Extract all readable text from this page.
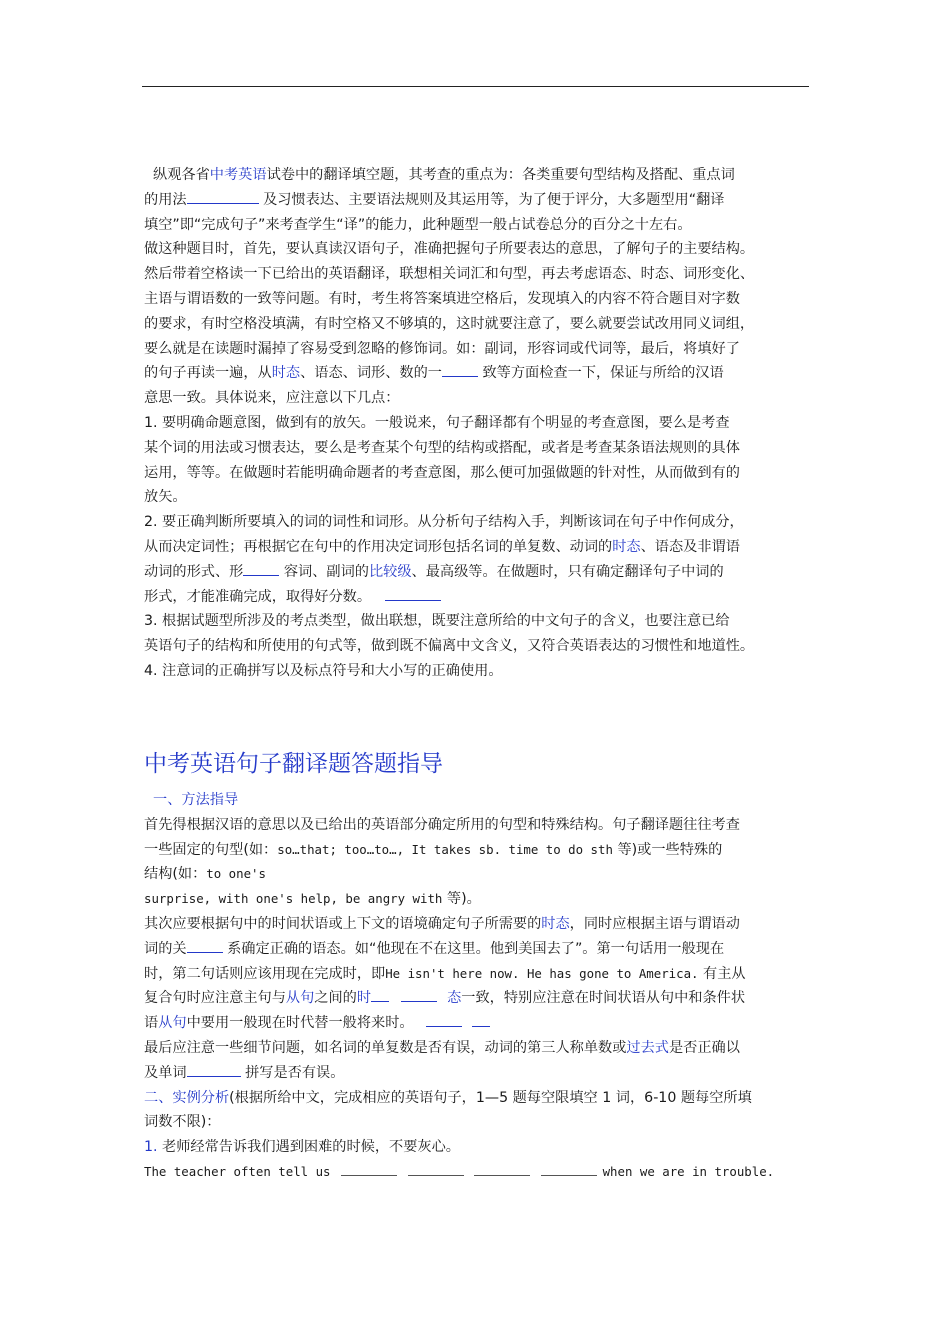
纵观各省中考英语试卷中的翻译填空题，其考查的重点为：各类重要句型结构及搭配、重点词

的用法	及习惯表达、主要语法规则及其运用等，为了便于评分，大多题型用“翻译

填空”即“完成句子”来考查学生“译”的能力，此种题型一般占试卷总分的百分之十左右。

做这种题目时，首先，要认真读汉语句子，准确把握句子所要表达的意思，了解句子的主要结构。

然后带着空格读一下已给出的英语翻译，联想相关词汇和句型，再去考虑语态、时态、词形变化、

主语与谓语数的一致等问题。有时，考生将答案填进空格后，发现填入的内容不符合题目对字数

的要求，有时空格没填满，有时空格又不够填的，这时就要注意了，要么就要尝试改用同义词组，

要么就是在读题时漏掉了容易受到忽略的修饰词。如：副词，形容词或代词等，最后，将填好了

的句子再读一遍，从时态、语态、词形、数的一	致等方面检查一下，保证与所给的汉语

意思一致。具体说来，应注意以下几点：

1. 要明确命题意图，做到有的放矢。一般说来，句子翻译都有个明显的考查意图，要么是考查

某个词的用法或习惯表达，要么是考查某个句型的结构或搭配，或者是考查某条语法规则的具体

运用，等等。在做题时若能明确命题者的考查意图，那么便可加强做题的针对性，从而做到有的

放矢。

2. 要正确判断所要填入的词的词性和词形。从分析句子结构入手，判断该词在句子中作何成分，

从而决定词性；再根据它在句中的作用决定词形包括名词的单复数、动词的时态、语态及非谓语

动词的形式、形	容词、副词的比较级、最高级等。在做题时，只有确定翻译句子中词的

形式，才能准确完成，取得好分数。

3. 根据试题型所涉及的考点类型，做出联想，既要注意所给的中文句子的含义，也要注意已给

英语句子的结构和所使用的句式等，做到既不偏离中文含义，又符合英语表达的习惯性和地道性。

4. 注意词的正确拼写以及标点符号和大小写的正确使用。

中考英语句子翻译题答题指导

一、方法指导

首先得根据汉语的意思以及已给出的英语部分确定所用的句型和特殊结构。句子翻译题往往考查

一些固定的句型(如：so…that; too…to…, It takes sb. time to do sth 等)或一些特殊的

结构(如：to one's

surprise, with one's help, be angry with 等)。

其次应要根据句中的时间状语或上下文的语境确定句子所需要的时态，同时应根据主语与谓语动

词的关	系确定正确的语态。如“他现在不在这里。他到美国去了”。第一句话用一般现在

时，第二句话则应该用现在完成时，即He isn't here now. He has gone to America. 有主从

复合句时应注意主句与从句之间的时	态一致，特别应注意在时间状语从句中和条件状

语从句中要用一般现在时代替一般将来时。

最后应注意一些细节问题，如名词的单复数是否有误，动词的第三人称单数或过去式是否正确以

及单词	拼写是否有误。

二、实例分析(根据所给中文，完成相应的英语句子，1—5 题每空限填空 1 词，6-10 题每空所填

词数不限)：

1. 老师经常告诉我们遇到困难的时候，不要灰心。

The teacher often tell us	when we are in trouble.
